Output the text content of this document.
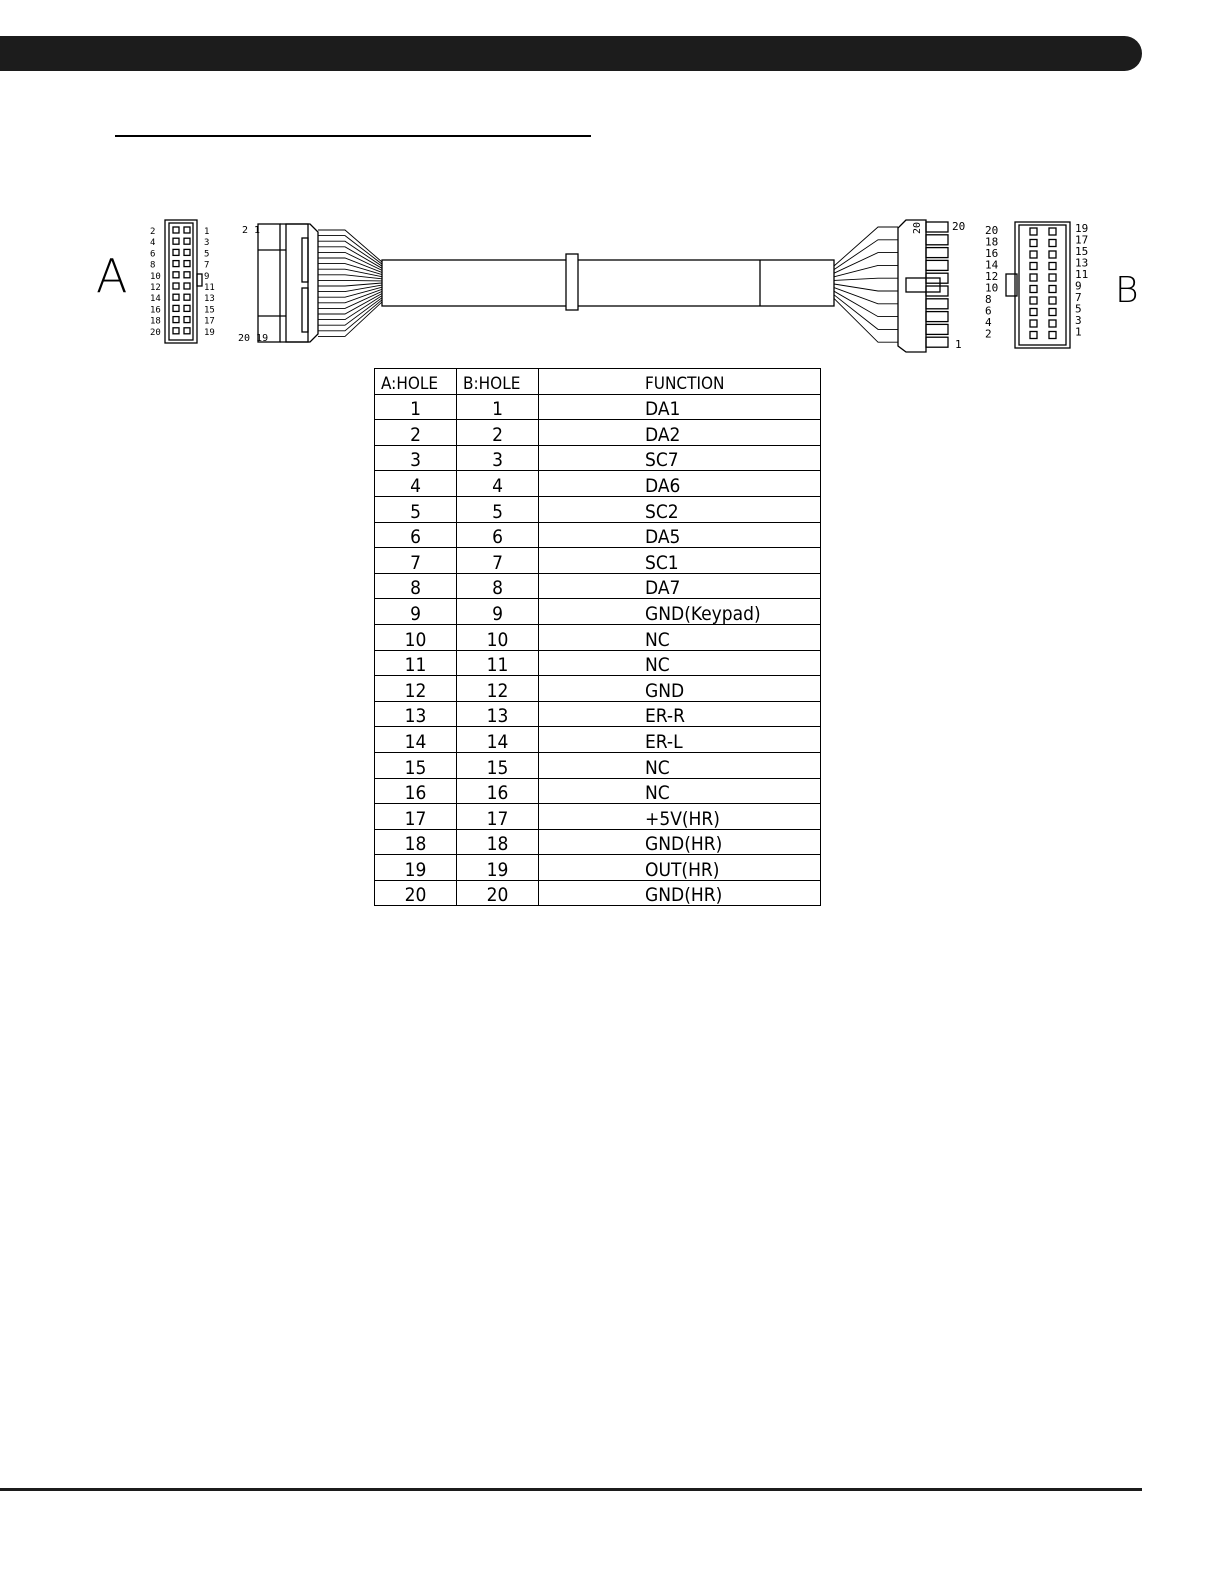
A
2
4
6
8
10
12
14
16
18
20
1
3
5
7
9
11
13
15
17
19
2 1
20 19
20	20
1
20
18
16
14
12
10
8
6
4
2
19
17
15
13
11
9
7
5
3
1
B
A:HOLE	B:HOLE	FUNCTION
1	1	DA1
2	2	DA2
3	3	SC7
4	4	DA6
5	5	SC2
6	6	DA5
7	7	SC1
8	8	DA7
9	9	GND(Keypad)
10	10	NC
11	11	NC
12	12	GND
13	13	ER-R
14	14	ER-L
15	15	NC
16	16	NC
17	17	+5V(HR)
18	18	GND(HR)
19	19	OUT(HR)
20	20	GND(HR)
